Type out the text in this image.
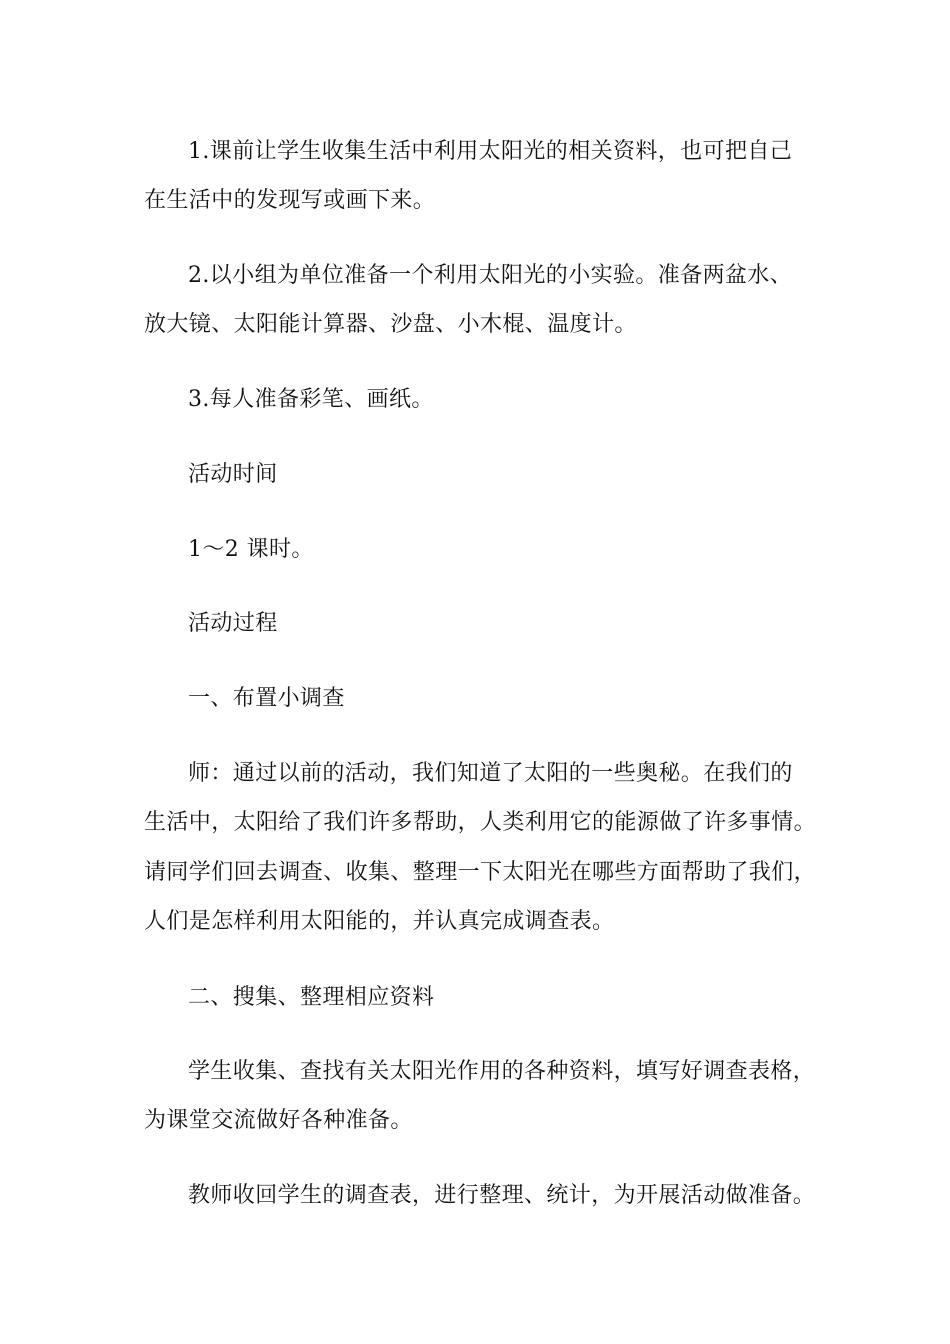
1.课前让学生收集生活中利用太阳光的相关资料，也可把自己
在生活中的发现写或画下来。
2.以小组为单位准备一个利用太阳光的小实验。准备两盆水、
放大镜、太阳能计算器、沙盘、小木棍、温度计。
3.每人准备彩笔、画纸。
活动时间
1～2 课时。
活动过程
一、布置小调查
师：通过以前的活动，我们知道了太阳的一些奥秘。在我们的
生活中，太阳给了我们许多帮助，人类利用它的能源做了许多事情。
请同学们回去调查、收集、整理一下太阳光在哪些方面帮助了我们，
人们是怎样利用太阳能的，并认真完成调查表。
二、搜集、整理相应资料
学生收集、查找有关太阳光作用的各种资料，填写好调查表格，
为课堂交流做好各种准备。
教师收回学生的调查表，进行整理、统计，为开展活动做准备。
